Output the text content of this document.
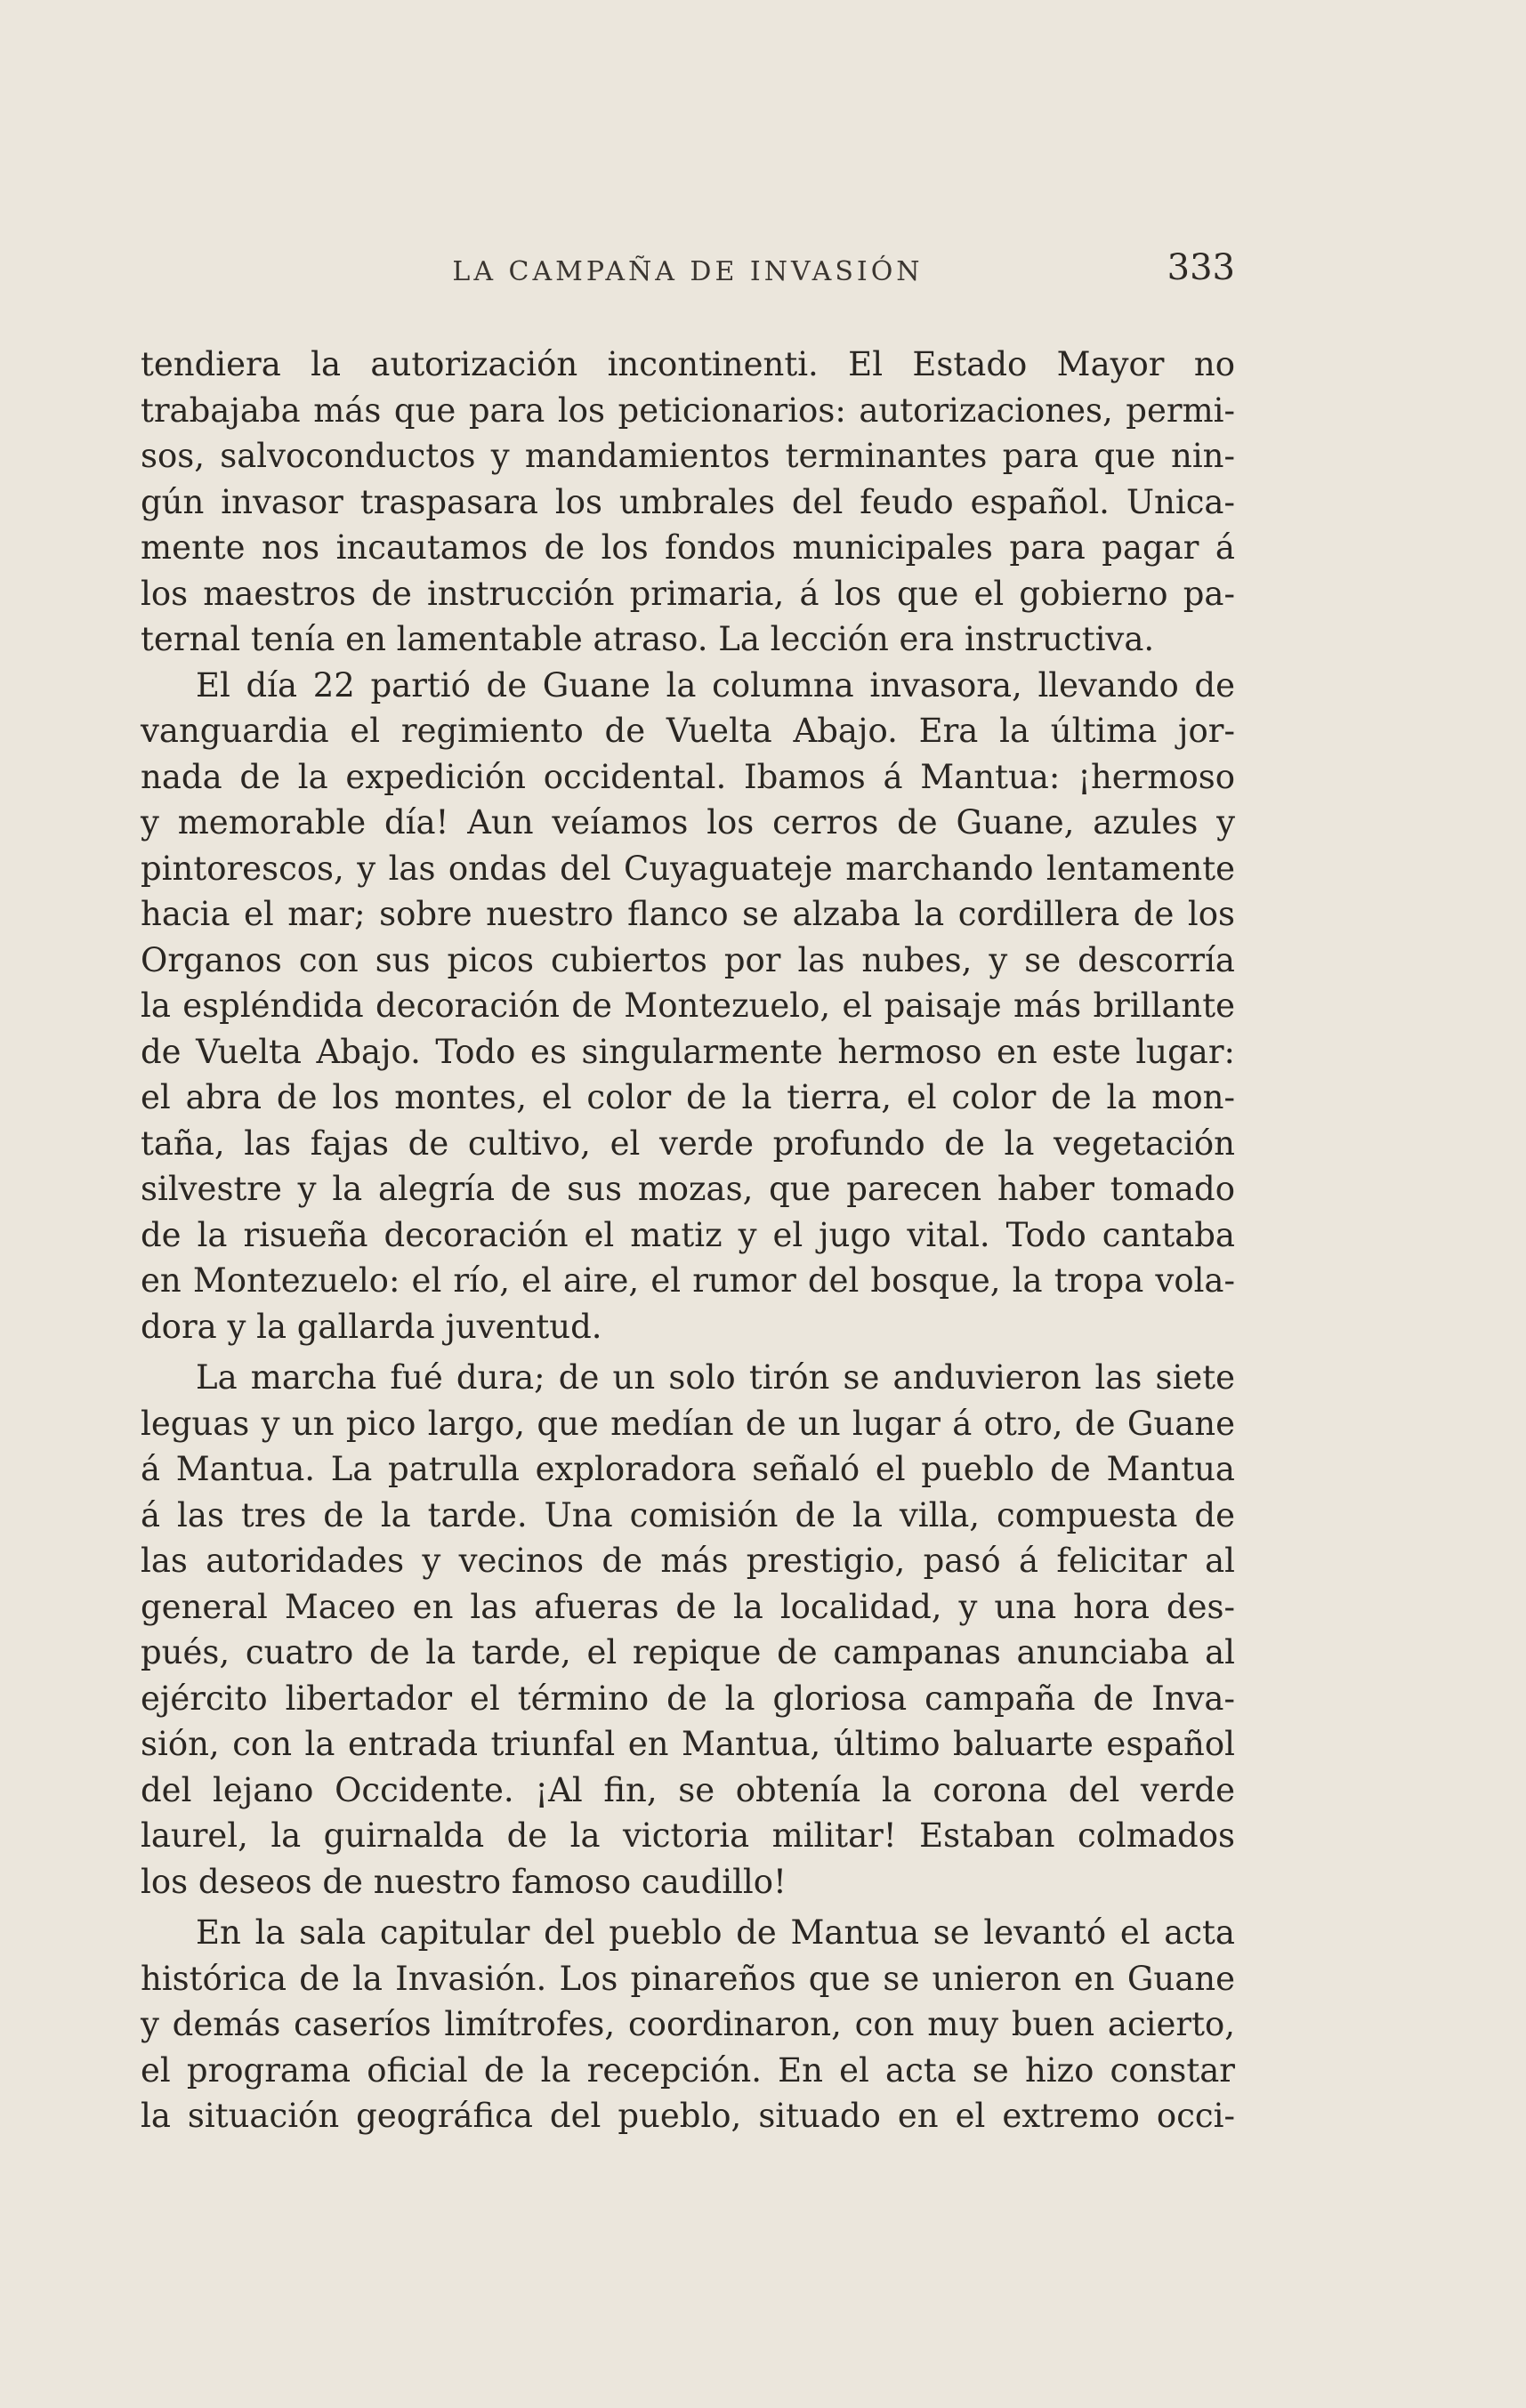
LA CAMPAÑA DE INVASIÓN	333
tendiera la autorización incontinenti. El Estado Mayor no
trabajaba más que para los peticionarios: autorizaciones, permi-
sos, salvoconductos y mandamientos terminantes para que nin-
gún invasor traspasara los umbrales del feudo español. Unica-
mente nos incautamos de los fondos municipales para pagar á
los maestros de instrucción primaria, á los que el gobierno pa-
ternal tenía en lamentable atraso. La lección era instructiva.
El día 22 partió de Guane la columna invasora, llevando de
vanguardia el regimiento de Vuelta Abajo. Era la última jor-
nada de la expedición occidental. Ibamos á Mantua: ¡hermoso
y memorable día! Aun veíamos los cerros de Guane, azules y
pintorescos, y las ondas del Cuyaguateje marchando lentamente
hacia el mar; sobre nuestro flanco se alzaba la cordillera de los
Organos con sus picos cubiertos por las nubes, y se descorría
la espléndida decoración de Montezuelo, el paisaje más brillante
de Vuelta Abajo. Todo es singularmente hermoso en este lugar:
el abra de los montes, el color de la tierra, el color de la mon-
taña, las fajas de cultivo, el verde profundo de la vegetación
silvestre y la alegría de sus mozas, que parecen haber tomado
de la risueña decoración el matiz y el jugo vital. Todo cantaba
en Montezuelo: el río, el aire, el rumor del bosque, la tropa vola-
dora y la gallarda juventud.
La marcha fué dura; de un solo tirón se anduvieron las siete
leguas y un pico largo, que medían de un lugar á otro, de Guane
á Mantua. La patrulla exploradora señaló el pueblo de Mantua
á las tres de la tarde. Una comisión de la villa, compuesta de
las autoridades y vecinos de más prestigio, pasó á felicitar al
general Maceo en las afueras de la localidad, y una hora des-
pués, cuatro de la tarde, el repique de campanas anunciaba al
ejército libertador el término de la gloriosa campaña de Inva-
sión, con la entrada triunfal en Mantua, último baluarte español
del lejano Occidente. ¡Al fin, se obtenía la corona del verde
laurel, la guirnalda de la victoria militar! Estaban colmados
los deseos de nuestro famoso caudillo!
En la sala capitular del pueblo de Mantua se levantó el acta
histórica de la Invasión. Los pinareños que se unieron en Guane
y demás caseríos limítrofes, coordinaron, con muy buen acierto,
el programa oficial de la recepción. En el acta se hizo constar
la situación geográfica del pueblo, situado en el extremo occi-
